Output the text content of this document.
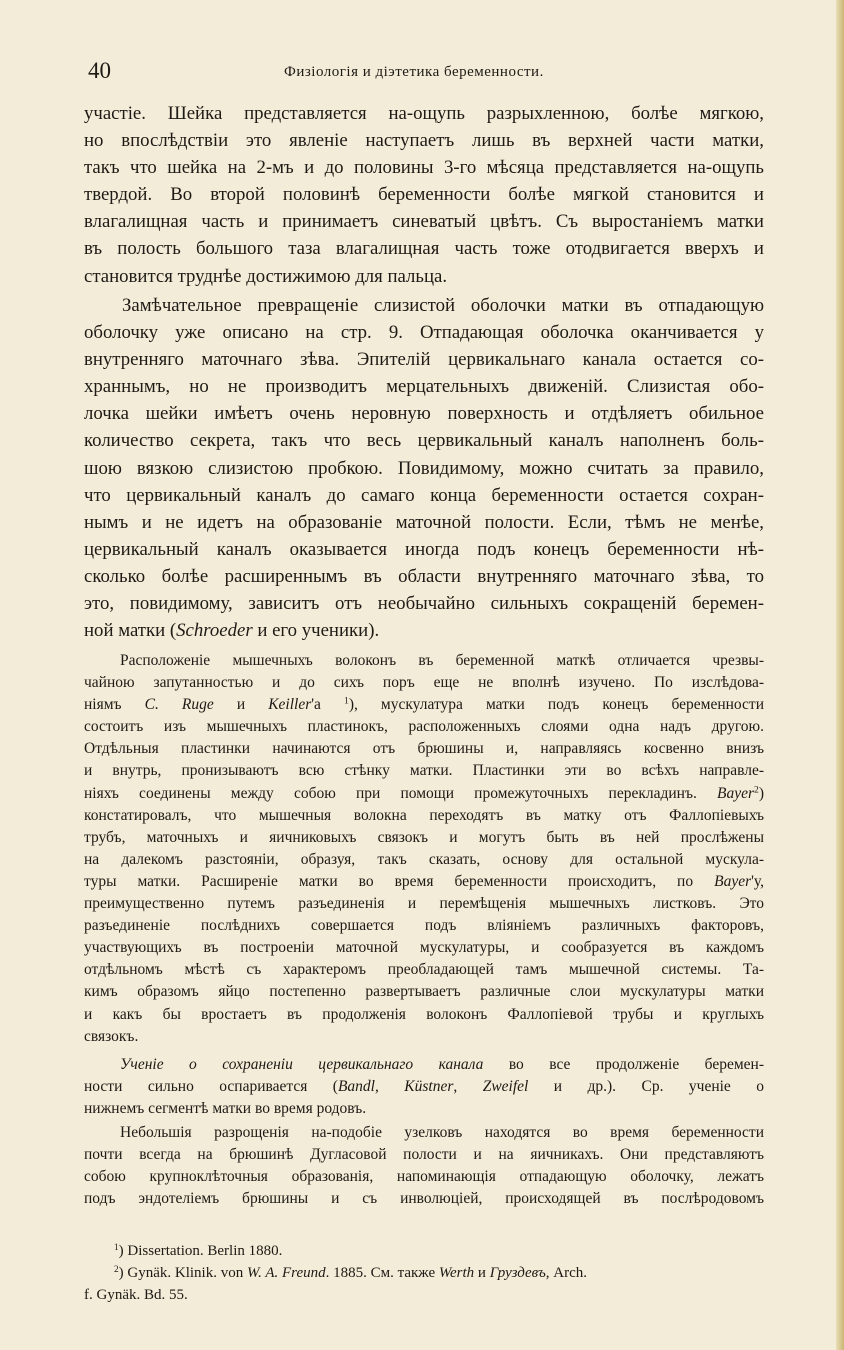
40	Физiологія и діэтетика беременности.
участіе. Шейка представляется на-ощупь разрыхленною, болѣе мягкою,
но впослѣдствіи это явленіе наступаетъ лишь въ верхней части матки,
такъ что шейка на 2-мъ и до половины 3-го мѣсяца представляется на-ощупь
твердой. Во второй половинѣ беременности болѣе мягкой становится и
влагалищная часть и принимаетъ синеватый цвѣтъ. Съ выростаніемъ матки
въ полость большого таза влагалищная часть тоже отодвигается вверхъ и
становится труднѣе достижимою для пальца.
Замѣчательное превращеніе слизистой оболочки матки въ отпадающую
оболочку уже описано на стр. 9. Отпадающая оболочка оканчивается у
внутренняго маточнаго зѣва. Эпителій цервикальнаго канала остается со-
храннымъ, но не производитъ мерцательныхъ движеній. Слизистая обо-
лочка шейки имѣетъ очень неровную поверхность и отдѣляетъ обильное
количество секрета, такъ что весь цервикальный каналъ наполненъ боль-
шою вязкою слизистою пробкою. Повидимому, можно считать за правило,
что цервикальный каналъ до самаго конца беременности остается сохран-
нымъ и не идетъ на образованіе маточной полости. Если, тѣмъ не менѣе,
цервикальный каналъ оказывается иногда подъ конецъ беременности нѣ-
сколько болѣе расширеннымъ въ области внутренняго маточнаго зѣва, то
это, повидимому, зависитъ отъ необычайно сильныхъ сокращеній беремен-
ной матки (Schroeder и его ученики).
Расположеніе мышечныхъ волоконъ въ беременной маткѣ отличается чрезвы-
чайною запутанностью и до сихъ поръ еще не вполнѣ изучено. По изслѣдова-
ніямъ C. Ruge и Keiller'а $^1$), мускулатура матки подъ конецъ беременности
состоитъ изъ мышечныхъ пластинокъ, расположенныхъ слоями одна надъ другою.
Отдѣльныя пластинки начинаются отъ брюшины и, направляясь косвенно внизъ
и внутрь, пронизываютъ всю стѣнку матки. Пластинки эти во всѣхъ направле-
ніяхъ соединены между собою при помощи промежуточныхъ перекладинъ. Bayer$^2$)
констатировалъ, что мышечныя волокна переходятъ въ матку отъ Фаллопіевыхъ
трубъ, маточныхъ и яичниковыхъ связокъ и могутъ быть въ ней прослѣжены
на далекомъ разстояніи, образуя, такъ сказать, основу для остальной мускула-
туры матки. Расширеніе матки во время беременности происходитъ, по Bayer'у,
преимущественно путемъ разъединенія и перемѣщенія мышечныхъ листковъ. Это
разъединеніе послѣднихъ совершается подъ вліяніемъ различныхъ факторовъ,
участвующихъ въ построеніи маточной мускулатуры, и сообразуется въ каждомъ
отдѣльномъ мѣстѣ съ характеромъ преобладающей тамъ мышечной системы. Та-
кимъ образомъ яйцо постепенно развертываетъ различные слои мускулатуры матки
и какъ бы вростаетъ въ продолженія волоконъ Фаллопіевой трубы и круглыхъ
связокъ.
Ученіе о сохраненіи цервикальнаго канала во все продолженіе беремен-
ности сильно оспаривается (Bandl, Küstner, Zweifel и др.). Ср. ученіе о
нижнемъ сегментѣ матки во время родовъ.
Небольшія разрощенія на-подобіе узелковъ находятся во время беременности
почти всегда на брюшинѣ Дугласовой полости и на яичникахъ. Они представляютъ
собою крупноклѣточныя образованія, напоминающія отпадающую оболочку, лежатъ
подъ эндотеліемъ брюшины и съ инволюціей, происходящей въ послѣродовомъ
$^1$) Dissertation. Berlin 1880.
$^2$) Gynäk. Klinik. von W. A. Freund. 1885. См. также Werth и Груздевъ, Arch.
f. Gynäk. Bd. 55.
